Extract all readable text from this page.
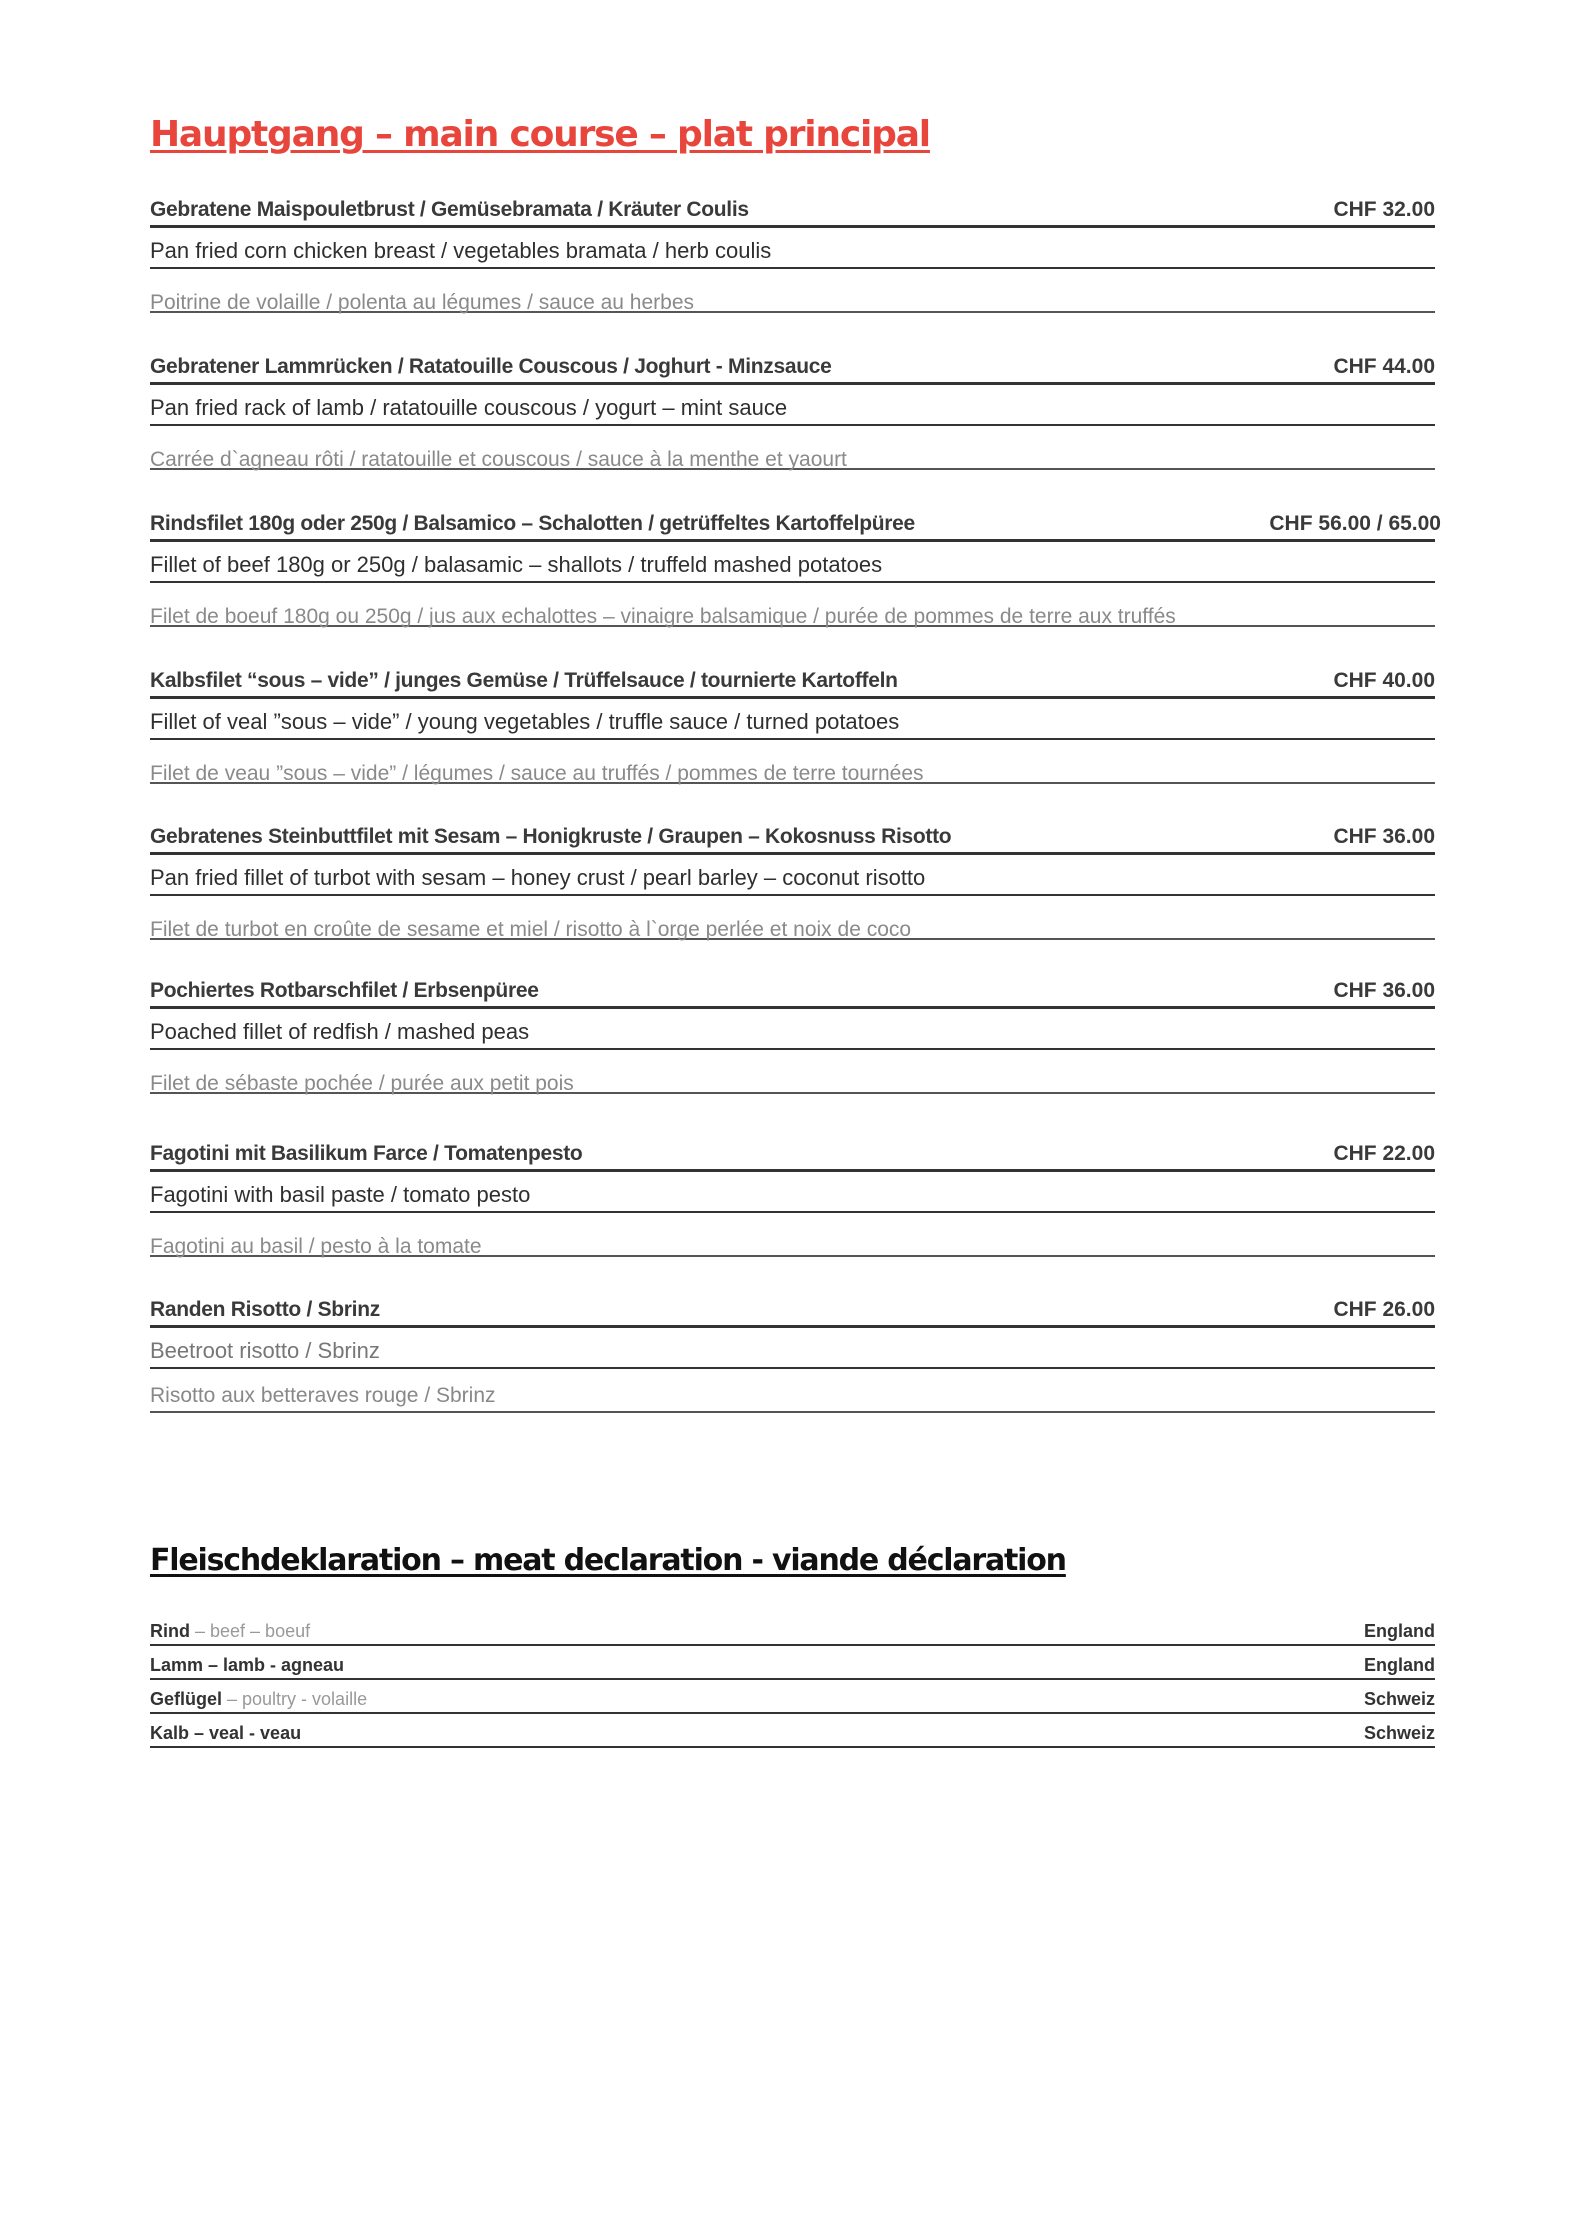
Hauptgang – main course – plat principal
Gebratene Maispouletbrust / Gemüsebramata / Kräuter Coulis	CHF 32.00
Pan fried corn chicken breast / vegetables bramata / herb coulis
Poitrine de volaille / polenta au légumes / sauce au herbes
Gebratener Lammrücken / Ratatouille Couscous / Joghurt - Minzsauce	CHF 44.00
Pan fried rack of lamb / ratatouille couscous / yogurt – mint sauce
Carrée d`agneau rôti / ratatouille et couscous / sauce à la menthe et yaourt
Rindsfilet 180g oder 250g / Balsamico – Schalotten / getrüffeltes Kartoffelpüree	CHF 56.00 / 65.00
Fillet of beef 180g or 250g / balasamic – shallots / truffeld mashed potatoes
Filet de boeuf 180g ou 250g / jus aux echalottes – vinaigre balsamique / purée de pommes de terre aux truffés
Kalbsfilet “sous – vide” / junges Gemüse / Trüffelsauce / tournierte Kartoffeln	CHF 40.00
Fillet of veal ”sous – vide” / young vegetables / truffle sauce / turned potatoes
Filet de veau ”sous – vide” / légumes / sauce au truffés / pommes de terre tournées
Gebratenes Steinbuttfilet mit Sesam – Honigkruste / Graupen – Kokosnuss Risotto	CHF 36.00
Pan fried fillet of turbot with sesam – honey crust / pearl barley – coconut risotto
Filet de turbot en croûte de sesame et miel / risotto à l`orge perlée et noix de coco
Pochiertes Rotbarschfilet / Erbsenpüree	CHF 36.00
Poached fillet of redfish / mashed peas
Filet de sébaste pochée / purée aux petit pois
Fagotini mit Basilikum Farce / Tomatenpesto	CHF 22.00
Fagotini with basil paste / tomato pesto
Fagotini au basil / pesto à la tomate
Randen Risotto / Sbrinz	CHF 26.00
Beetroot risotto / Sbrinz
Risotto aux betteraves rouge / Sbrinz
Fleischdeklaration – meat declaration - viande déclaration
Rind – beef – boeuf	England
Lamm – lamb - agneau	England
Geflügel – poultry - volaille	Schweiz
Kalb – veal - veau	Schweiz
